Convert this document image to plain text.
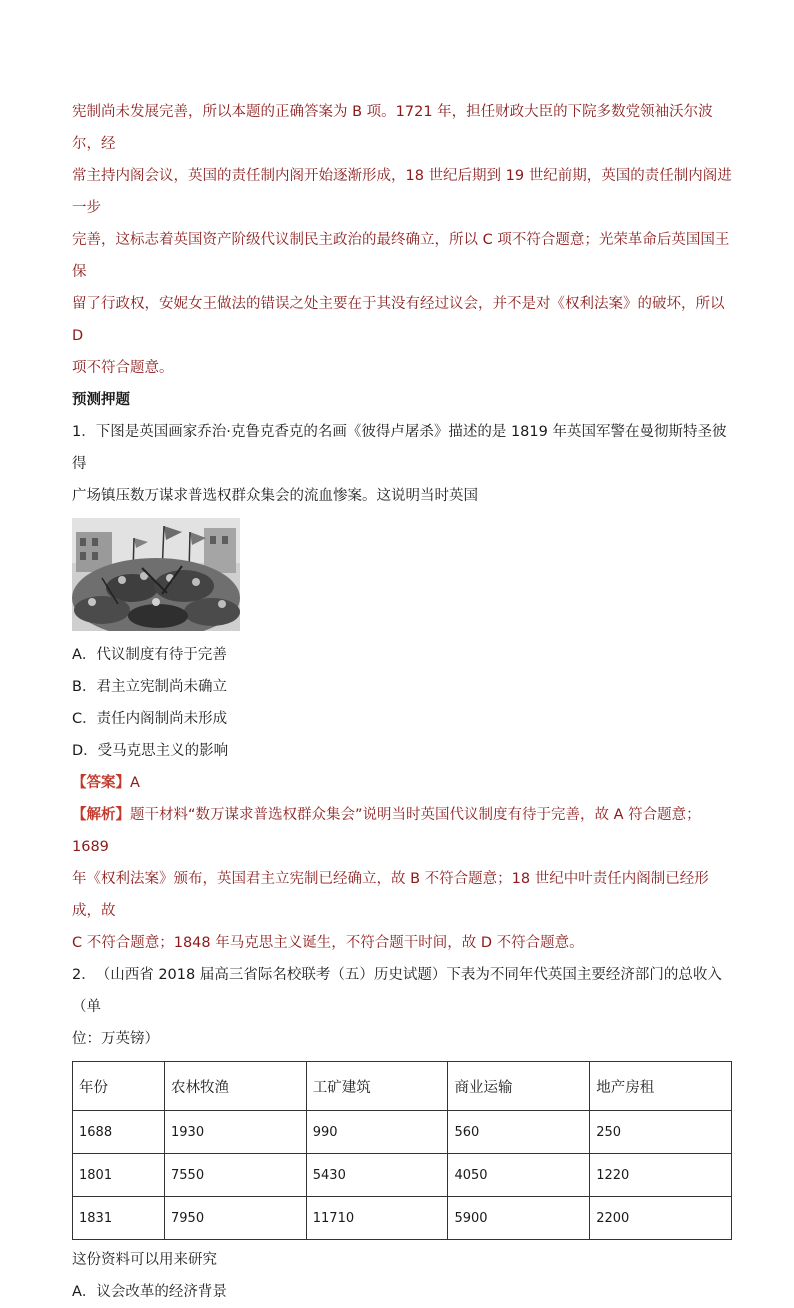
宪制尚未发展完善，所以本题的正确答案为 B 项。1721 年，担任财政大臣的下院多数党领袖沃尔波尔，经

常主持内阁会议，英国的责任制内阁开始逐渐形成，18 世纪后期到 19 世纪前期，英国的责任制内阁进一步

完善，这标志着英国资产阶级代议制民主政治的最终确立，所以 C 项不符合题意；光荣革命后英国国王保

留了行政权，安妮女王做法的错误之处主要在于其没有经过议会，并不是对《权利法案》的破坏，所以 D

项不符合题意。

预测押题

1．下图是英国画家乔治·克鲁克香克的名画《彼得卢屠杀》描述的是 1819 年英国军警在曼彻斯特圣彼得

广场镇压数万谋求普选权群众集会的流血惨案。这说明当时英国

A．代议制度有待于完善

B．君主立宪制尚未确立

C．责任内阁制尚未形成

D．受马克思主义的影响

【答案】A

【解析】题干材料“数万谋求普选权群众集会”说明当时英国代议制度有待于完善，故 A 符合题意；1689

年《权利法案》颁布，英国君主立宪制已经确立，故 B 不符合题意；18 世纪中叶责任内阁制已经形成，故

C 不符合题意；1848 年马克思主义诞生，不符合题干时间，故 D 不符合题意。

2．　（山西省 2018 届高三省际名校联考（五）历史试题）下表为不同年代英国主要经济部门的总收入（单

位：万英镑）

年份	农林牧渔	工矿建筑	商业运输	地产房租
1688	1930	990	560	250
1801	7550	5430	4050	1220
1831	7950	11710	5900	2200

这份资料可以用来研究

A．议会改革的经济背景
